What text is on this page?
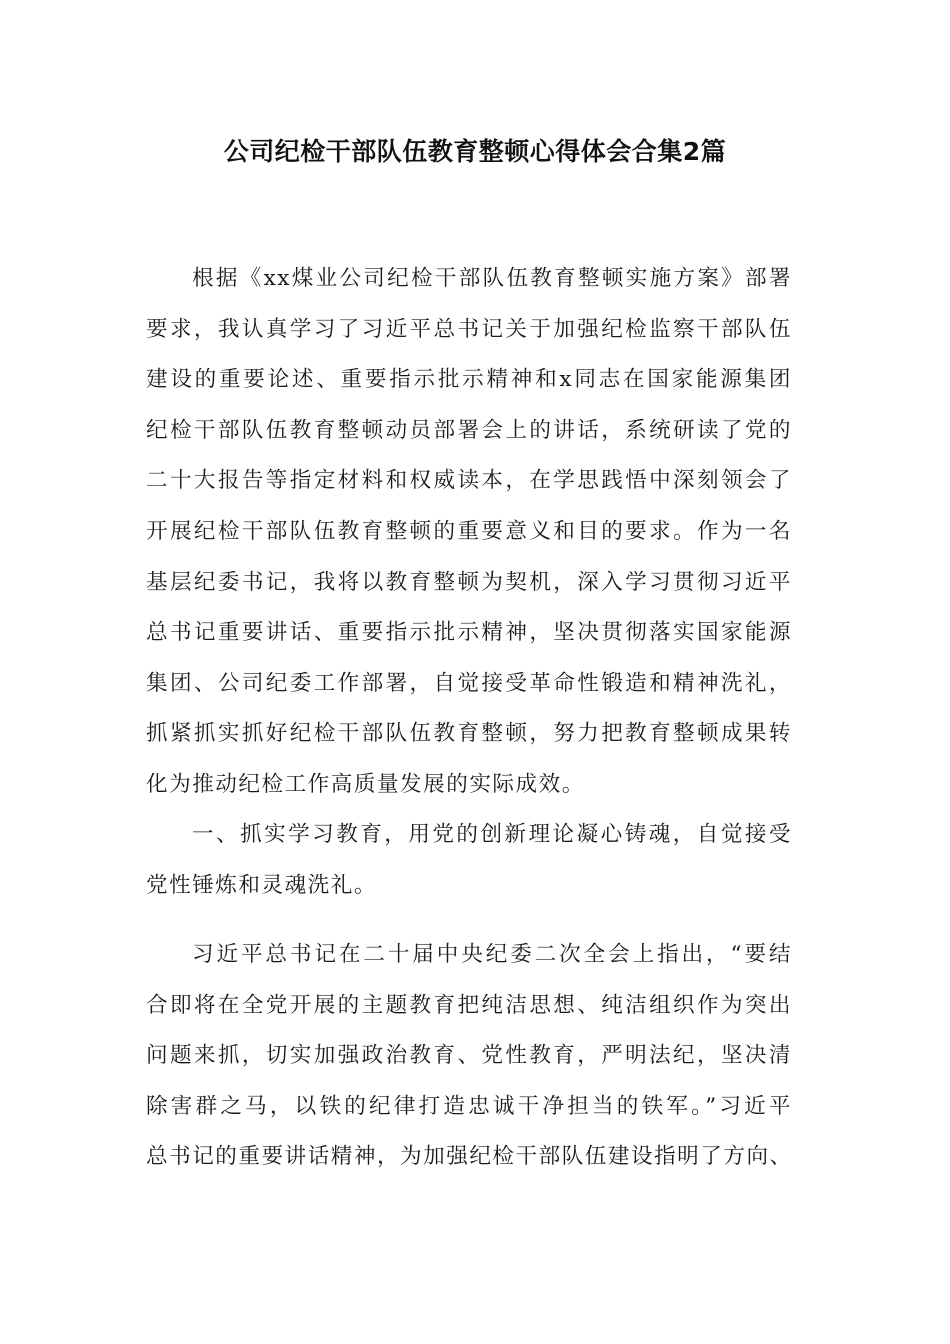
公司纪检干部队伍教育整顿心得体会合集2篇
根据《xx煤业公司纪检干部队伍教育整顿实施方案》部署
要求，我认真学习了习近平总书记关于加强纪检监察干部队伍
建设的重要论述、重要指示批示精神和x同志在国家能源集团
纪检干部队伍教育整顿动员部署会上的讲话，系统研读了党的
二十大报告等指定材料和权威读本，在学思践悟中深刻领会了
开展纪检干部队伍教育整顿的重要意义和目的要求。作为一名
基层纪委书记，我将以教育整顿为契机，深入学习贯彻习近平
总书记重要讲话、重要指示批示精神，坚决贯彻落实国家能源
集团、公司纪委工作部署，自觉接受革命性锻造和精神洗礼，
抓紧抓实抓好纪检干部队伍教育整顿，努力把教育整顿成果转
化为推动纪检工作高质量发展的实际成效。
一、抓实学习教育，用党的创新理论凝心铸魂，自觉接受
党性锤炼和灵魂洗礼。
习近平总书记在二十届中央纪委二次全会上指出，“要结
合即将在全党开展的主题教育把纯洁思想、纯洁组织作为突出
问题来抓，切实加强政治教育、党性教育，严明法纪，坚决清
除害群之马，以铁的纪律打造忠诚干净担当的铁军。”习近平
总书记的重要讲话精神，为加强纪检干部队伍建设指明了方向、
